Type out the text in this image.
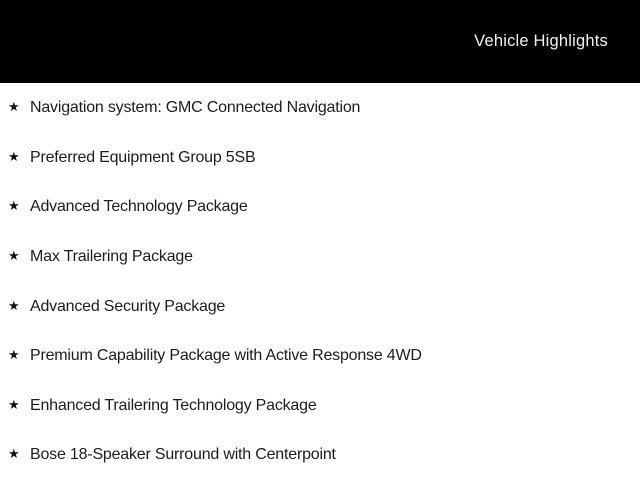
Vehicle Highlights
★ Navigation system: GMC Connected Navigation
★ Preferred Equipment Group 5SB
★ Advanced Technology Package
★ Max Trailering Package
★ Advanced Security Package
★ Premium Capability Package with Active Response 4WD
★ Enhanced Trailering Technology Package
★ Bose 18-Speaker Surround with Centerpoint
